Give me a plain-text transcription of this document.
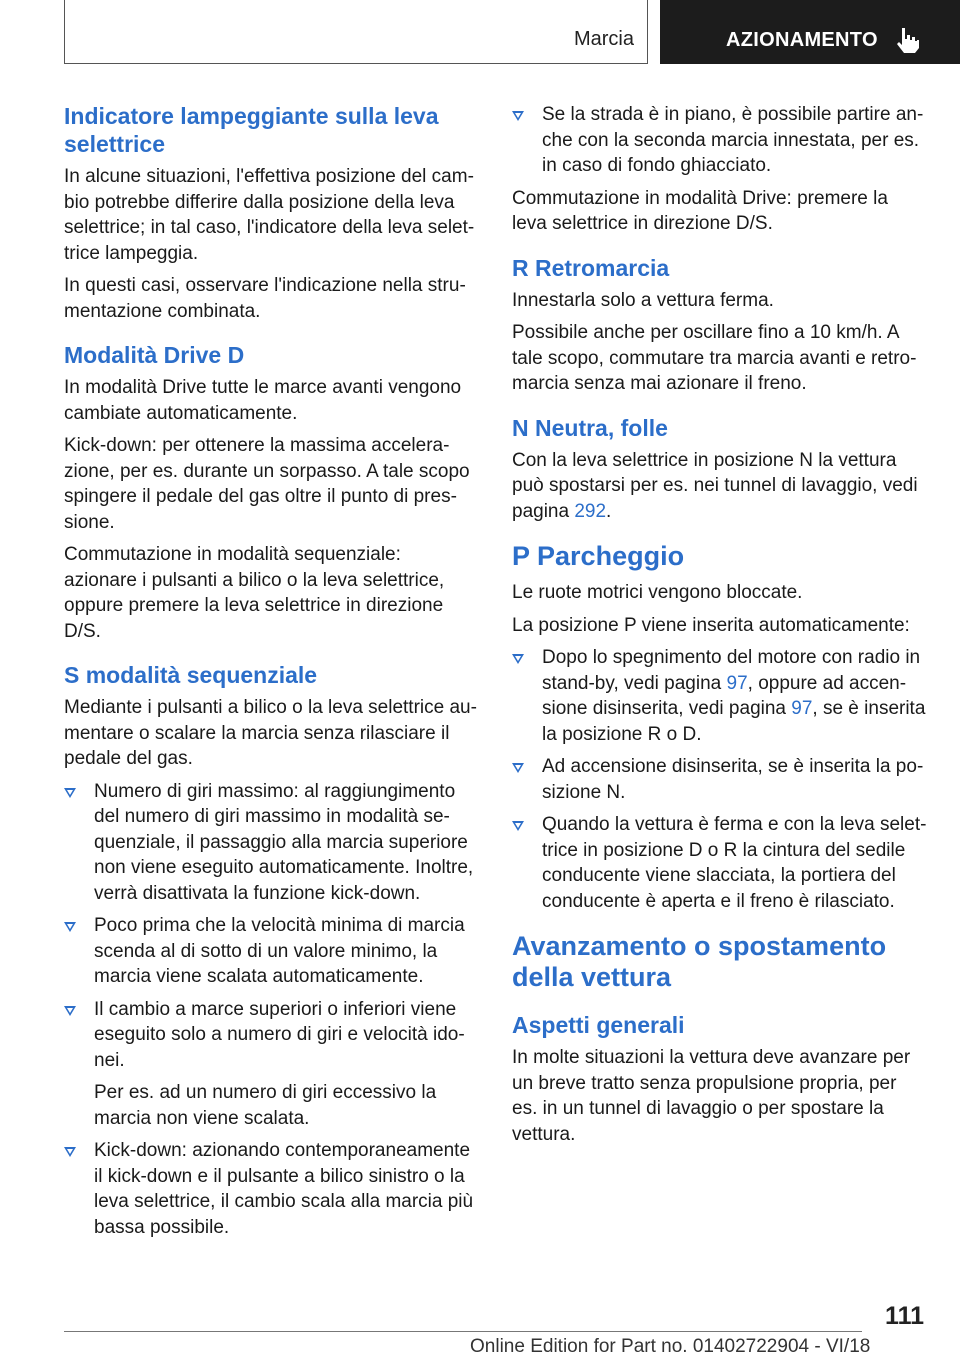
Marcia	AZIONAMENTO
Indicatore lampeggiante sulla leva selettrice

In alcune situazioni, l'effettiva posizione del cambio potrebbe differire dalla posizione della leva selettrice; in tal caso, l'indicatore della leva selettrice lampeggia.

In questi casi, osservare l'indicazione nella strumentazione combinata.

Modalità Drive D

In modalità Drive tutte le marce avanti vengono cambiate automaticamente.

Kick-down: per ottenere la massima accelerazione, per es. durante un sorpasso. A tale scopo spingere il pedale del gas oltre il punto di pressione.

Commutazione in modalità sequenziale: azionare i pulsanti a bilico o la leva selettrice, oppure premere la leva selettrice in direzione D/S.

S modalità sequenziale

Mediante i pulsanti a bilico o la leva selettrice aumentare o scalare la marcia senza rilasciare il pedale del gas.

Numero di giri massimo: al raggiungimento del numero di giri massimo in modalità sequenziale, il passaggio alla marcia superiore non viene eseguito automaticamente. Inoltre, verrà disattivata la funzione kick-down.
Poco prima che la velocità minima di marcia scenda al di sotto di un valore minimo, la marcia viene scalata automaticamente.
Il cambio a marce superiori o inferiori viene eseguito solo a numero di giri e velocità idonei.

Per es. ad un numero di giri eccessivo la marcia non viene scalata.

Kick-down: azionando contemporaneamente il kick-down e il pulsante a bilico sinistro o la leva selettrice, il cambio scala alla marcia più bassa possibile.
Se la strada è in piano, è possibile partire anche con la seconda marcia innestata, per es. in caso di fondo ghiacciato.

Commutazione in modalità Drive: premere la leva selettrice in direzione D/S.

R Retromarcia

Innestarla solo a vettura ferma.

Possibile anche per oscillare fino a 10 km/h. A tale scopo, commutare tra marcia avanti e retromarcia senza mai azionare il freno.

N Neutra, folle

Con la leva selettrice in posizione N la vettura può spostarsi per es. nei tunnel di lavaggio, vedi pagina 292.

P Parcheggio

Le ruote motrici vengono bloccate.

La posizione P viene inserita automaticamente:

Dopo lo spegnimento del motore con radio in stand-by, vedi pagina 97, oppure ad accensione disinserita, vedi pagina 97, se è inserita la posizione R o D.
Ad accensione disinserita, se è inserita la posizione N.
Quando la vettura è ferma e con la leva selettrice in posizione D o R la cintura del sedile conducente viene slacciata, la portiera del conducente è aperta e il freno è rilasciato.
Avanzamento o spostamento della vettura
Aspetti generali

In molte situazioni la vettura deve avanzare per un breve tratto senza propulsione propria, per es. in un tunnel di lavaggio o per spostare la vettura.

111
Online Edition for Part no. 01402722904 - VI/18
